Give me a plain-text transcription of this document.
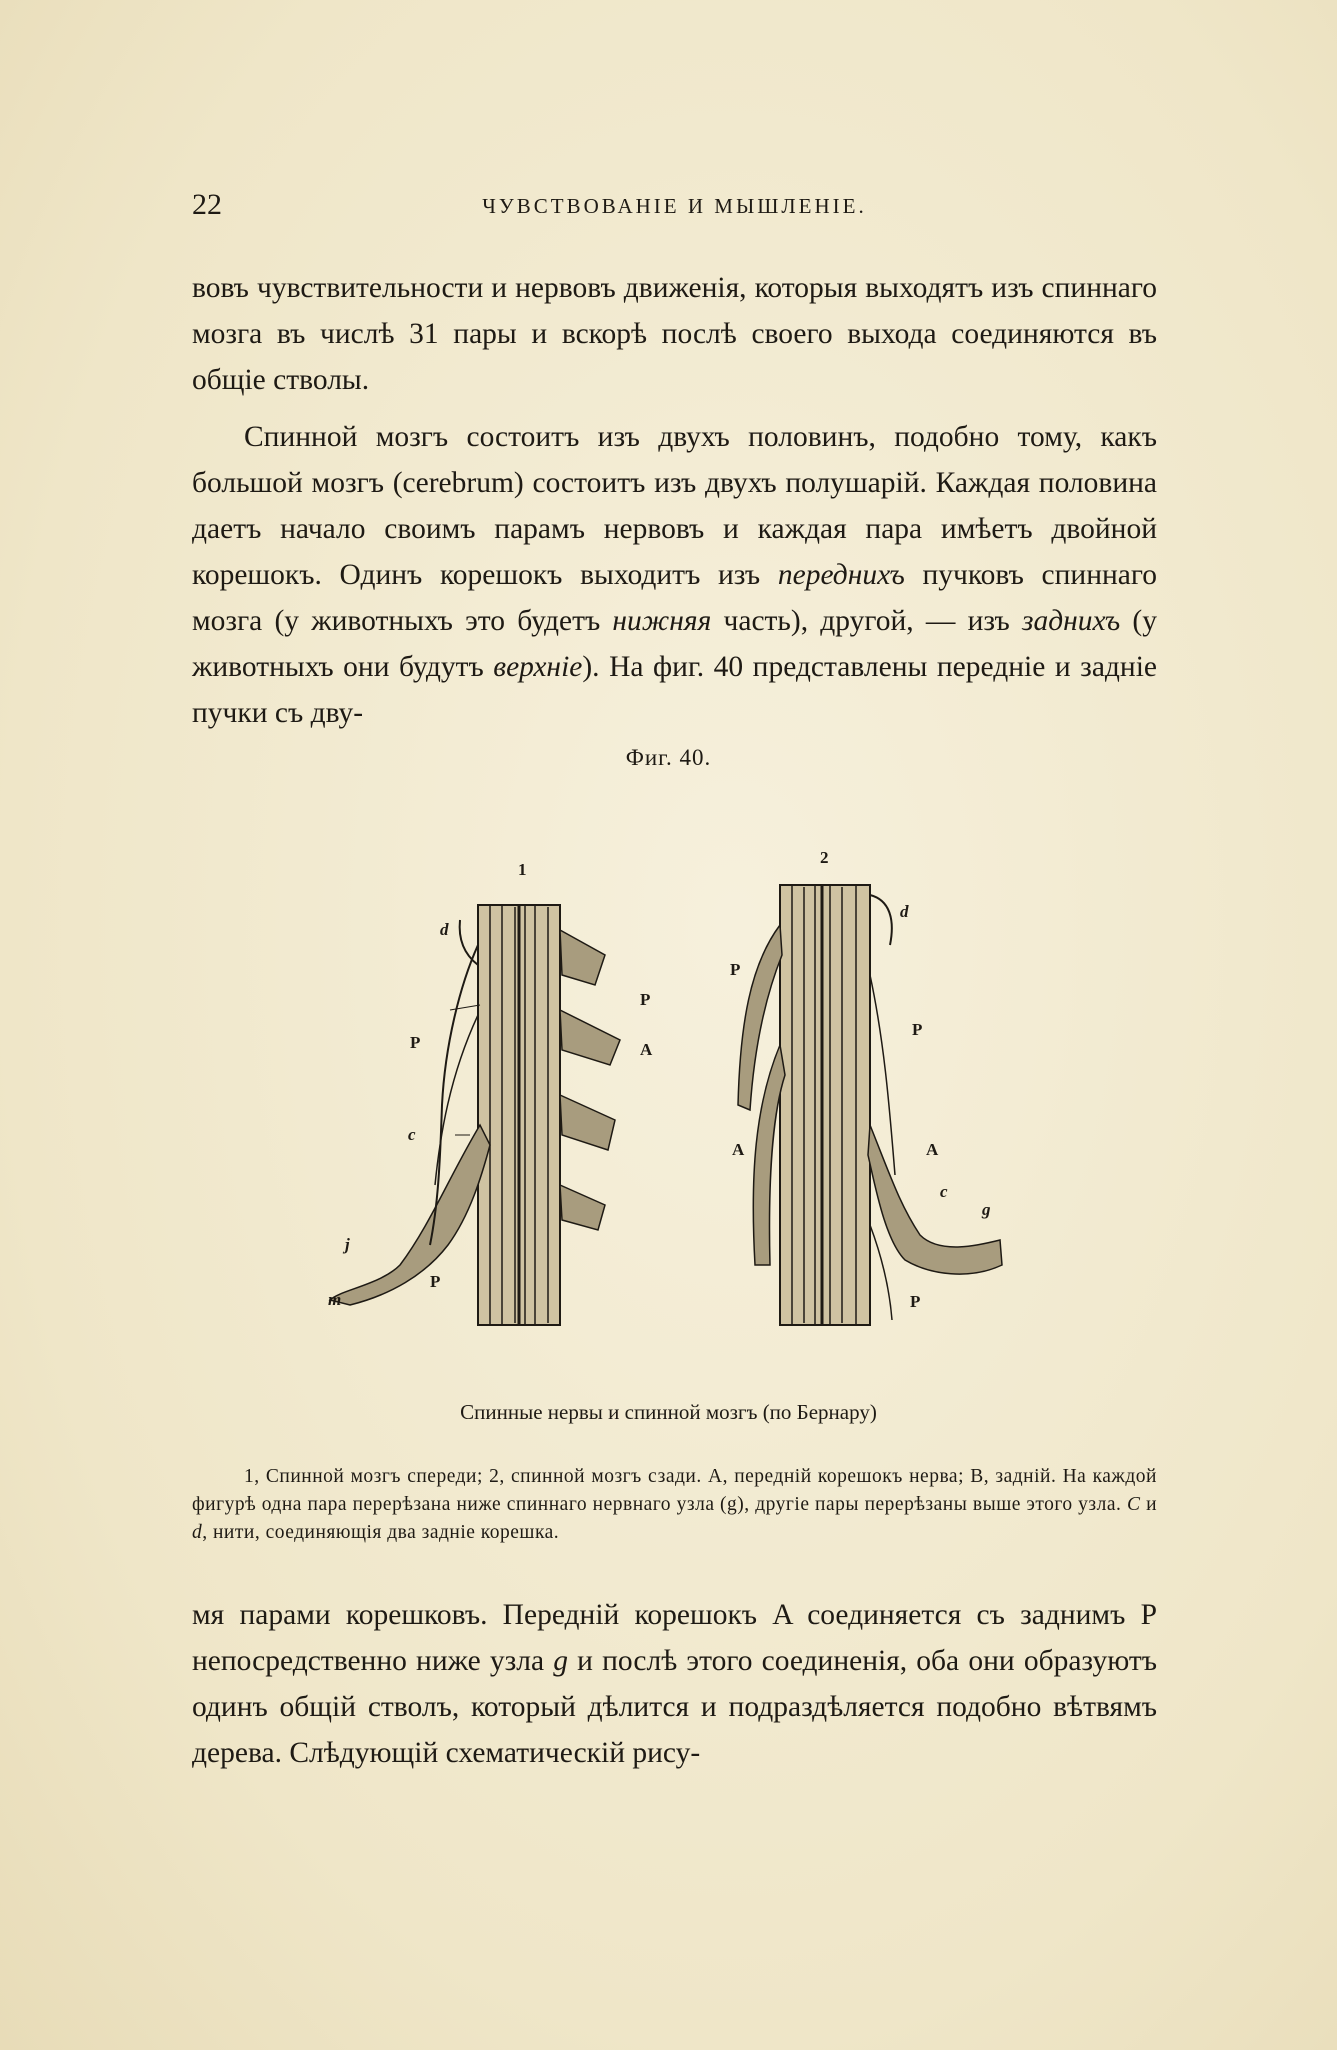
22	ЧУВСТВОВАНІЕ И МЫШЛЕНІЕ.

вовъ чувствительности и нервовъ движенія, которыя выходятъ изъ спиннаго мозга въ числѣ 31 пары и вскорѣ послѣ своего выхода соединяются въ общіе стволы.

Спинной мозгъ состоитъ изъ двухъ половинъ, подобно тому, какъ большой мозгъ (cerebrum) состоитъ изъ двухъ полушарій. Каждая половина даетъ начало своимъ парамъ нервовъ и каждая пара имѣетъ двойной корешокъ. Одинъ корешокъ выходитъ изъ переднихъ пучковъ спиннаго мозга (у животныхъ это будетъ нижняя часть), другой, — изъ заднихъ (у животныхъ они будутъ верхніе). На фиг. 40 представлены передніе и задніе пучки съ дву-

Фиг. 40.
1
d
P
A
P
c
j
m
P
2
d
P
P
A	A
c
g
P
Спинные нервы и спинной мозгъ (по Бернару)

1, Спинной мозгъ спереди; 2, спинной мозгъ сзади. A, передній корешокъ нерва; B, задній. На каждой фигурѣ одна пара перерѣзана ниже спиннаго нервнаго узла (g), другіе пары перерѣзаны выше этого узла. C и d, нити, соединяющія два задніе корешка.

мя парами корешковъ. Передній корешокъ A соединяется съ заднимъ P непосредственно ниже узла g и послѣ этого соединенія, оба они образуютъ одинъ общій стволъ, который дѣлится и подраздѣляется подобно вѣтвямъ дерева. Слѣдующій схематическій рису-
